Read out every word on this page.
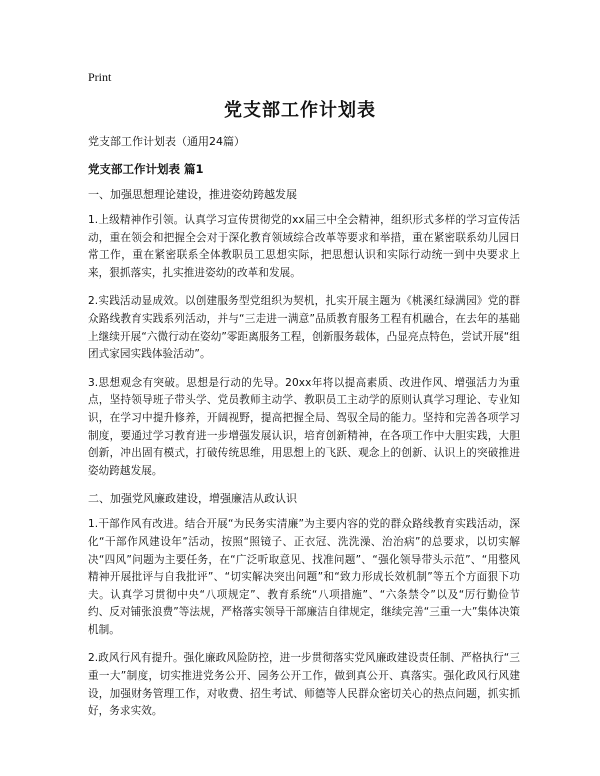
Print
党支部工作计划表
党支部工作计划表（通用24篇）
党支部工作计划表 篇1
一、加强思想理论建设，推进姿幼跨越发展

1.上级精神作引领。认真学习宣传贯彻党的xx届三中全会精神，组织形式多样的学习宣传活动，重在领会和把握全会对于深化教育领域综合改革等要求和举措，重在紧密联系幼儿园日常工作，重在紧密联系全体教职员工思想实际，把思想认识和实际行动统一到中央要求上来，狠抓落实，扎实推进姿幼的改革和发展。

2.实践活动显成效。以创建服务型党组织为契机，扎实开展主题为《桃溪红绿满园》党的群众路线教育实践系列活动，并与“三走进一满意”品质教育服务工程有机融合，在去年的基础上继续开展“六微行动在姿幼”零距离服务工程，创新服务载体，凸显亮点特色，尝试开展“组团式家园实践体验活动”。

3.思想观念有突破。思想是行动的先导。20xx年将以提高素质、改进作风、增强活力为重点，坚持领导班子带头学、党员教师主动学、教职员工主动学的原则认真学习理论、专业知识，在学习中提升修养，开阔视野，提高把握全局、驾驭全局的能力。坚持和完善各项学习制度，要通过学习教育进一步增强发展认识，培育创新精神，在各项工作中大胆实践，大胆创新，冲出固有模式，打破传统思维，用思想上的飞跃、观念上的创新、认识上的突破推进姿幼跨越发展。

二、加强党风廉政建设，增强廉洁从政认识

1.干部作风有改进。结合开展“为民务实清廉”为主要内容的党的群众路线教育实践活动，深化“干部作风建设年”活动，按照“照镜子、正衣冠、洗洗澡、治治病”的总要求，以切实解决“四风”问题为主要任务，在“广泛听取意见、找准问题”、“强化领导带头示范”、“用整风精神开展批评与自我批评”、“切实解决突出问题”和“致力形成长效机制”等五个方面狠下功夫。认真学习贯彻中央“八项规定”、教育系统“八项措施”、“六条禁令”以及“厉行勤俭节约、反对铺张浪费”等法规，严格落实领导干部廉洁自律规定，继续完善“三重一大”集体决策机制。

2.政风行风有提升。强化廉政风险防控，进一步贯彻落实党风廉政建设责任制、严格执行“三重一大”制度，切实推进党务公开、园务公开工作，做到真公开、真落实。强化政风行风建设，加强财务管理工作，对收费、招生考试、师德等人民群众密切关心的热点问题，抓实抓好，务求实效。
